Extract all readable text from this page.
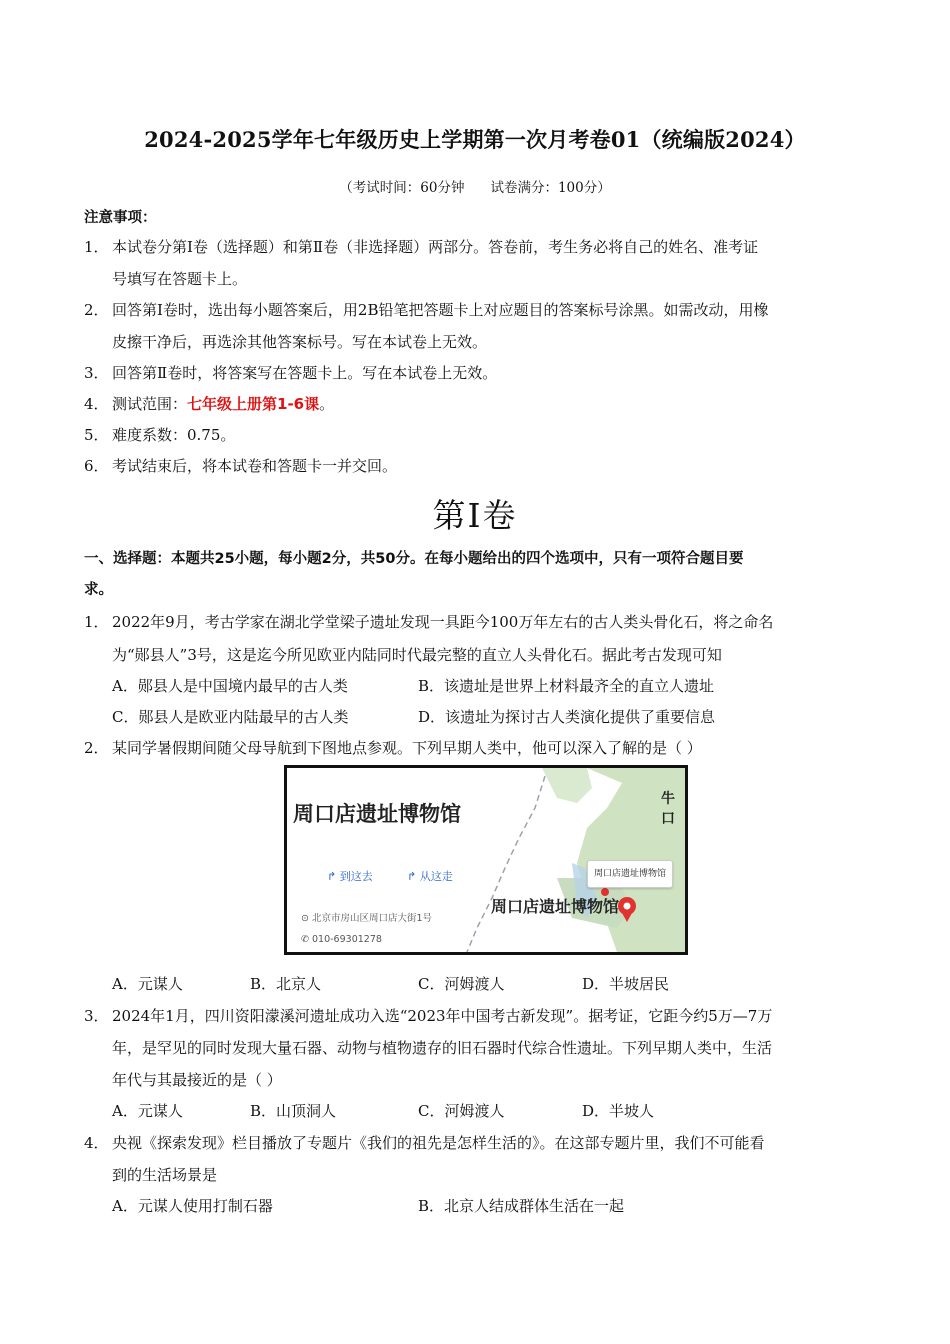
2024-2025学年七年级历史上学期第一次月考卷01（统编版2024）
（考试时间：60分钟 试卷满分：100分）
注意事项：
1． 本试卷分第Ⅰ卷（选择题）和第Ⅱ卷（非选择题）两部分。答卷前，考生务必将自己的姓名、准考证
号填写在答题卡上。
2． 回答第Ⅰ卷时，选出每小题答案后，用2B铅笔把答题卡上对应题目的答案标号涂黑。如需改动，用橡
皮擦干净后，再选涂其他答案标号。写在本试卷上无效。
3． 回答第Ⅱ卷时，将答案写在答题卡上。写在本试卷上无效。
4． 测试范围：七年级上册第1-6课。
5． 难度系数：0.75。
6． 考试结束后，将本试卷和答题卡一并交回。
第Ⅰ卷
一、选择题：本题共25小题，每小题2分，共50分。在每小题给出的四个选项中，只有一项符合题目要
求。
1． 2022年9月，考古学家在湖北学堂梁子遗址发现一具距今100万年左右的古人类头骨化石，将之命名
为“郧县人”3号，这是迄今所见欧亚内陆同时代最完整的直立人头骨化石。据此考古发现可知
A．郧县人是中国境内最早的古人类	B．该遗址是世界上材料最齐全的直立人遗址
C．郧县人是欧亚内陆最早的古人类	D．该遗址为探讨古人类演化提供了重要信息
2． 某同学暑假期间随父母导航到下图地点参观。下列早期人类中，他可以深入了解的是（ ）
周口店遗址博物馆
↱ 到这去	↱ 从这走
⊙ 北京市房山区周口店大街1号
✆ 010-69301278
周口店遗址博物馆
周口店遗址博物馆
牛口
A．元谋人	B．北京人	C．河姆渡人	D．半坡居民
3． 2024年1月，四川资阳濛溪河遗址成功入选“2023年中国考古新发现”。据考证，它距今约5万—7万
年，是罕见的同时发现大量石器、动物与植物遗存的旧石器时代综合性遗址。下列早期人类中，生活
年代与其最接近的是（ ）
A．元谋人	B．山顶洞人	C．河姆渡人	D．半坡人
4． 央视《探索发现》栏目播放了专题片《我们的祖先是怎样生活的》。在这部专题片里，我们不可能看
到的生活场景是
A．元谋人使用打制石器	B．北京人结成群体生活在一起
